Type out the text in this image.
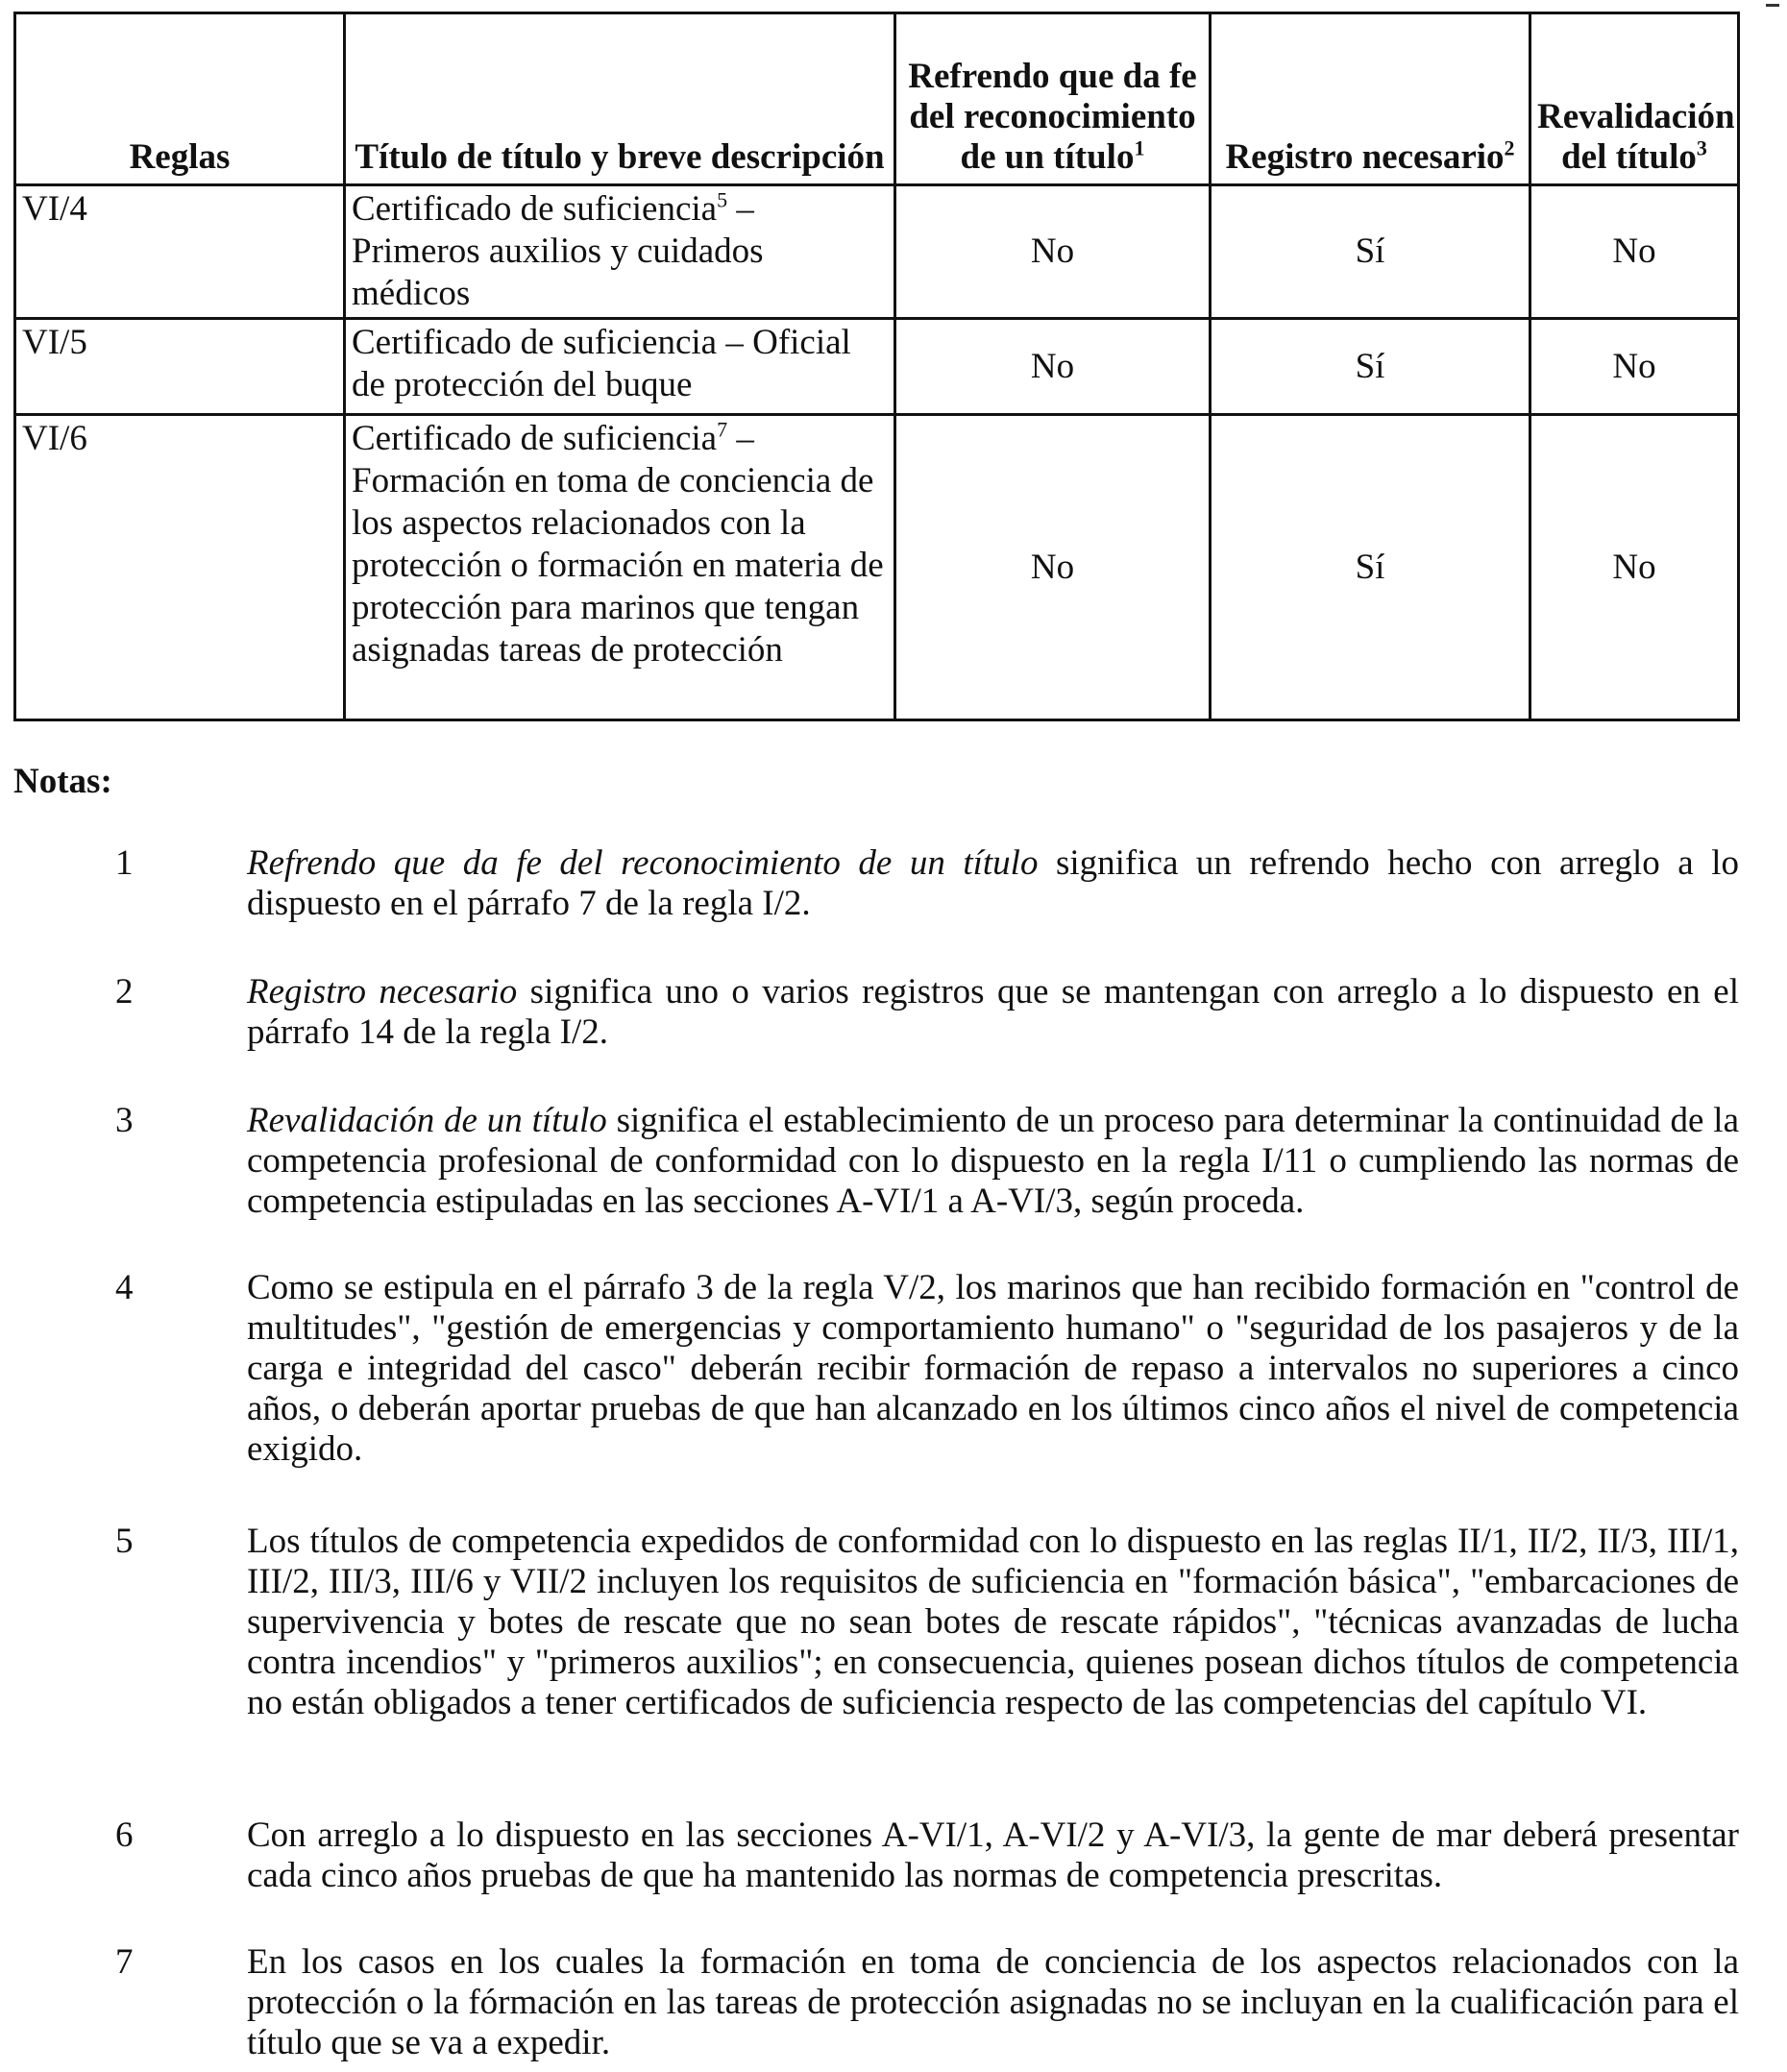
Reglas	Título de título y breve descripción	Refrendo que da fe del reconocimiento de un título$^1$	Registro necesario$^2$	Revalidación del título$^3$
VI/4	Certificado de suficiencia$^5$ – Primeros auxilios y cuidados médicos	No	Sí	No
VI/5	Certificado de suficiencia – Oficial de protección del buque	No	Sí	No
VI/6	Certificado de suficiencia$^7$ – Formación en toma de conciencia de los aspectos relacionados con la protección o formación en materia de protección para marinos que tengan asignadas tareas de protección	No	Sí	No
Notas:
1	Refrendo que da fe del reconocimiento de un título significa un refrendo hecho con arreglo a lo dispuesto en el párrafo 7 de la regla I/2.
2	Registro necesario significa uno o varios registros que se mantengan con arreglo a lo dispuesto en el párrafo 14 de la regla I/2.
3	Revalidación de un título significa el establecimiento de un proceso para determinar la continuidad de la competencia profesional de conformidad con lo dispuesto en la regla I/11 o cumpliendo las normas de competencia estipuladas en las secciones A-VI/1 a A-VI/3, según proceda.
4	Como se estipula en el párrafo 3 de la regla V/2, los marinos que han recibido formación en "control de multitudes", "gestión de emergencias y comportamiento humano" o "seguridad de los pasajeros y de la carga e integridad del casco" deberán recibir formación de repaso a intervalos no superiores a cinco años, o deberán aportar pruebas de que han alcanzado en los últimos cinco años el nivel de competencia exigido.
5	Los títulos de competencia expedidos de conformidad con lo dispuesto en las reglas II/1, II/2, II/3, III/1, III/2, III/3, III/6 y VII/2 incluyen los requisitos de suficiencia en "formación básica", "embarcaciones de supervivencia y botes de rescate que no sean botes de rescate rápidos", "técnicas avanzadas de lucha contra incendios" y "primeros auxilios"; en consecuencia, quienes posean dichos títulos de competencia no están obligados a tener certificados de suficiencia respecto de las competencias del capítulo VI.
6	Con arreglo a lo dispuesto en las secciones A-VI/1, A-VI/2 y A-VI/3, la gente de mar deberá presentar cada cinco años pruebas de que ha mantenido las normas de competencia prescritas.
7	En los casos en los cuales la formación en toma de conciencia de los aspectos relacionados con la protección o la fórmación en las tareas de protección asignadas no se incluyan en la cualificación para el título que se va a expedir.
